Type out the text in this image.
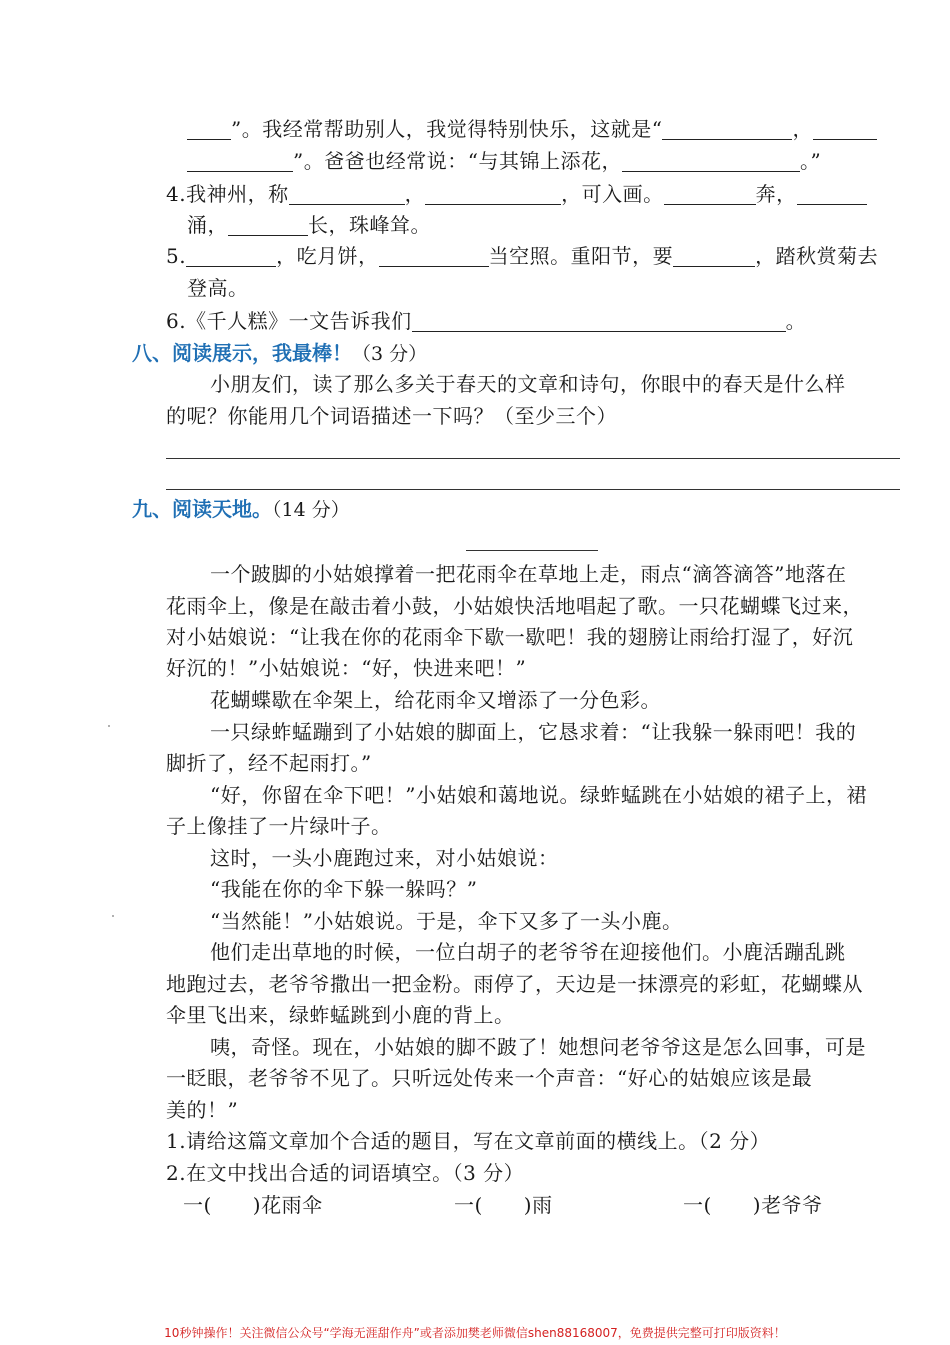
”。我经常帮助别人，我觉得特别快乐，这就是“	，
”。爸爸也经常说：“与其锦上添花，	。”
4.我神州，称	，	，可入画。	奔，
涌，	长，珠峰耸。
5.	，吃月饼，	当空照。重阳节，要	，踏秋赏菊去
登高。
6.《千人糕》一文告诉我们	。
八、阅读展示，我最棒！（3 分）
小朋友们，读了那么多关于春天的文章和诗句，你眼中的春天是什么样
的呢？你能用几个词语描述一下吗？（至少三个）
九、阅读天地。（14 分）
一个跛脚的小姑娘撑着一把花雨伞在草地上走，雨点“滴答滴答”地落在
花雨伞上，像是在敲击着小鼓，小姑娘快活地唱起了歌。一只花蝴蝶飞过来，
对小姑娘说：“让我在你的花雨伞下歇一歇吧！我的翅膀让雨给打湿了，好沉
好沉的！”小姑娘说：“好，快进来吧！”
花蝴蝶歇在伞架上，给花雨伞又增添了一分色彩。
一只绿蚱蜢蹦到了小姑娘的脚面上，它恳求着：“让我躲一躲雨吧！我的
脚折了，经不起雨打。”
“好，你留在伞下吧！”小姑娘和蔼地说。绿蚱蜢跳在小姑娘的裙子上，裙
子上像挂了一片绿叶子。
这时，一头小鹿跑过来，对小姑娘说：
“我能在你的伞下躲一躲吗？”
“当然能！”小姑娘说。于是，伞下又多了一头小鹿。
他们走出草地的时候，一位白胡子的老爷爷在迎接他们。小鹿活蹦乱跳
地跑过去，老爷爷撒出一把金粉。雨停了，天边是一抹漂亮的彩虹，花蝴蝶从
伞里飞出来，绿蚱蜢跳到小鹿的背上。
咦，奇怪。现在，小姑娘的脚不跛了！她想问老爷爷这是怎么回事，可是
一眨眼，老爷爷不见了。只听远处传来一个声音：“好心的姑娘应该是最
美的！”
1.请给这篇文章加个合适的题目，写在文章前面的横线上。（2 分）
2.在文中找出合适的词语填空。（3 分）
一(　　)花雨伞	一(　　)雨	一(　　)老爷爷
10秒钟操作！关注微信公众号“学海无涯甜作舟”或者添加樊老师微信shen88168007，免费提供完整可打印版资料！
